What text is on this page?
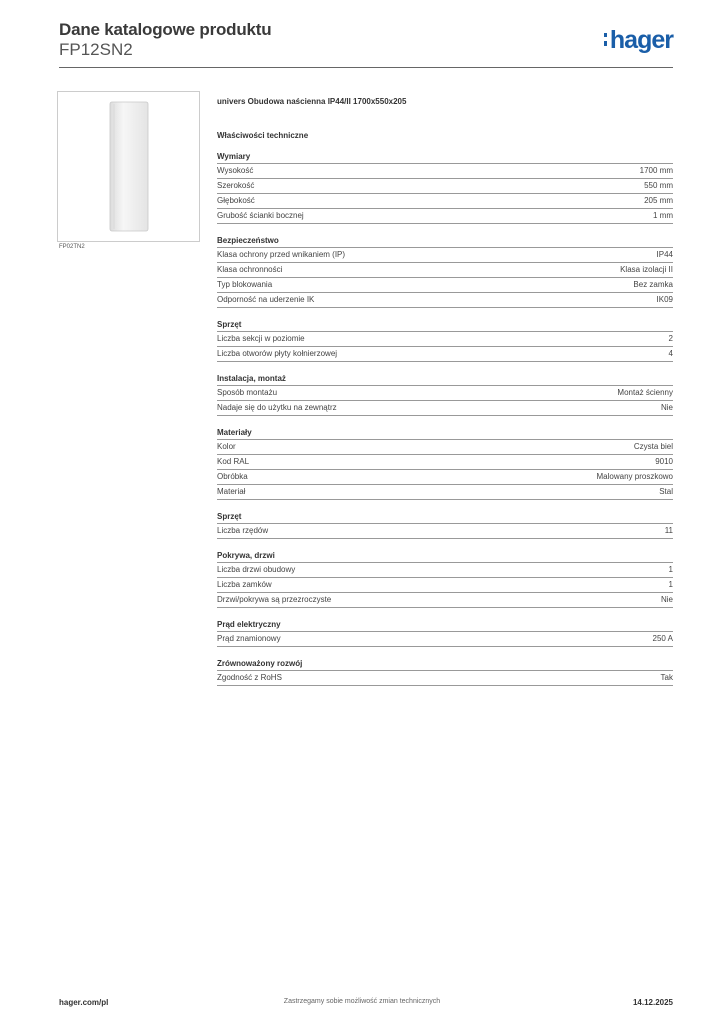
Dane katalogowe produktu
FP12SN2	hager
FP02TN2
univers Obudowa naścienna IP44/II 1700x550x205
Właściwości techniczne
Wymiary
Wysokość	1700 mm
Szerokość	550 mm
Głębokość	205 mm
Grubość ścianki bocznej	1 mm
Bezpieczeństwo
Klasa ochrony przed wnikaniem (IP)	IP44
Klasa ochronności	Klasa izolacji II
Typ blokowania	Bez zamka
Odporność na uderzenie IK	IK09
Sprzęt
Liczba sekcji w poziomie	2
Liczba otworów płyty kołnierzowej	4
Instalacja, montaż
Sposób montażu	Montaż ścienny
Nadaje się do użytku na zewnątrz	Nie
Materiały
Kolor	Czysta biel
Kod RAL	9010
Obróbka	Malowany proszkowo
Materiał	Stal
Sprzęt
Liczba rzędów	11
Pokrywa, drzwi
Liczba drzwi obudowy	1
Liczba zamków	1
Drzwi/pokrywa są przezroczyste	Nie
Prąd elektryczny
Prąd znamionowy	250 A
Zrównoważony rozwój
Zgodność z RoHS	Tak
hager.com/pl	Zastrzegamy sobie możliwość zmian technicznych	14.12.2025
